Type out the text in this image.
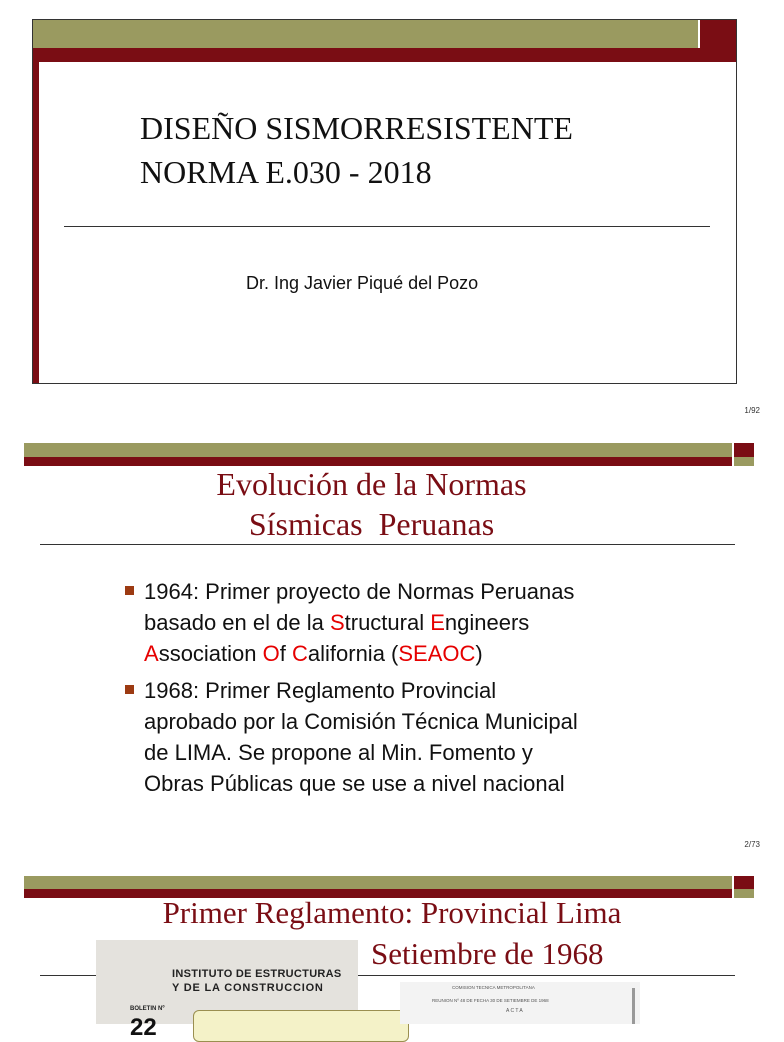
DISEÑO SISMORRESISTENTE
NORMA E.030 - 2018
Dr. Ing Javier Piqué del Pozo
1/92
Evolución de la Normas
Sísmicas  Peruanas
1964: Primer proyecto de Normas Peruanas
basado en el de la Structural Engineers
Association Of California (SEAOC)
1968: Primer Reglamento Provincial
aprobado por la Comisión Técnica Municipal
de LIMA. Se propone al Min. Fomento y
Obras Públicas que se use a nivel nacional
2/73
Primer Reglamento: Provincial Lima
INSTITUTO DE ESTRUCTURAS
Y DE LA CONSTRUCCION
BOLETIN Nº
22
Setiembre de 1968
COMISION TECNICA METROPOLITANA
REUNION Nº 48 DE FECHA 30 DE SETIEMBRE DE 1968
A C T A
